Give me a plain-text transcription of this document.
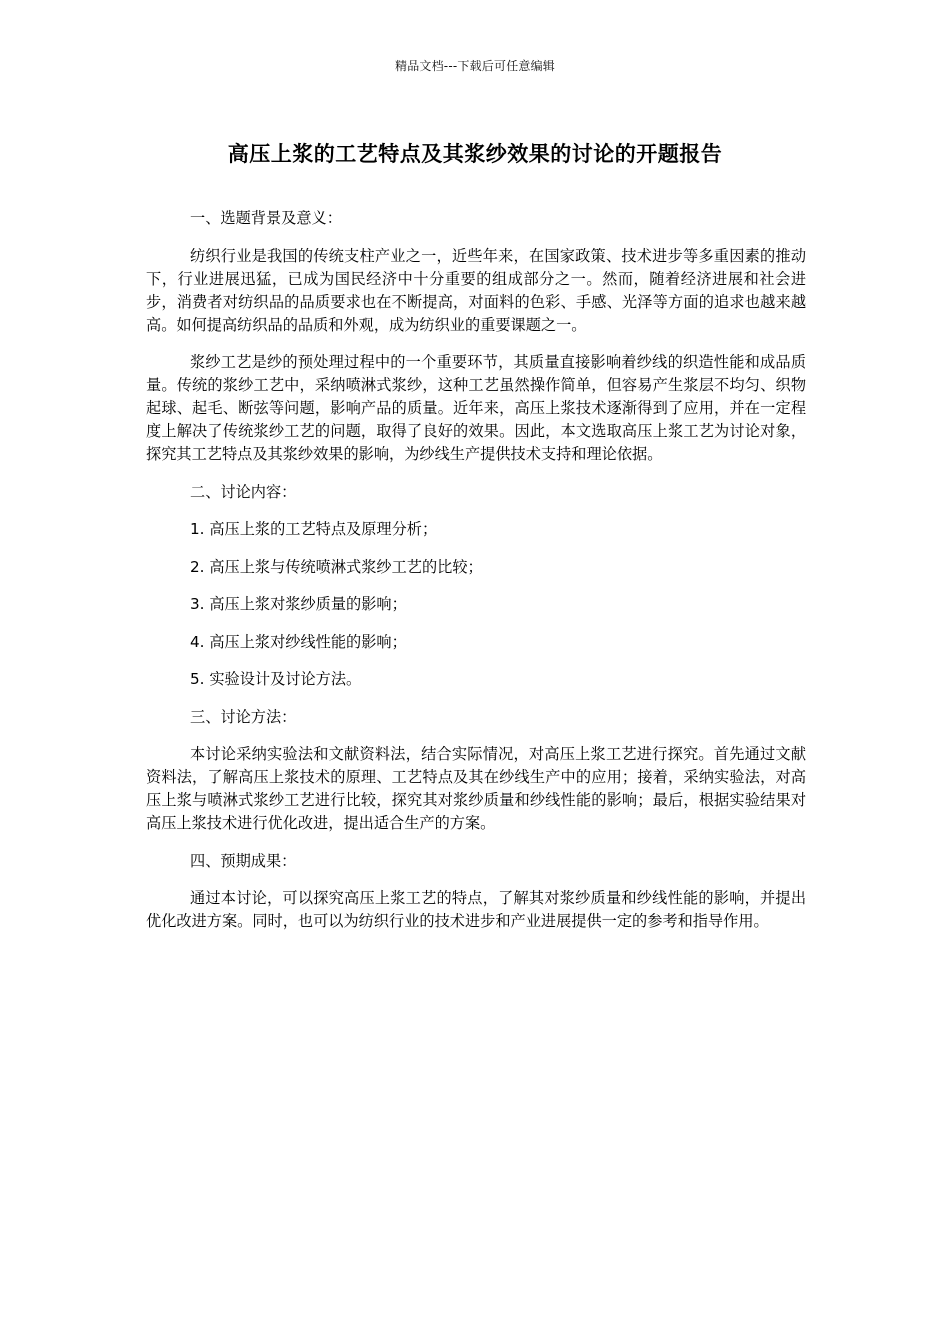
精品文档---下载后可任意编辑
高压上浆的工艺特点及其浆纱效果的讨论的开题报告

一、选题背景及意义：

纺织行业是我国的传统支柱产业之一，近些年来，在国家政策、技术进步等多重因素的推动下，行业进展迅猛，已成为国民经济中十分重要的组成部分之一。然而，随着经济进展和社会进步，消费者对纺织品的品质要求也在不断提高，对面料的色彩、手感、光泽等方面的追求也越来越高。如何提高纺织品的品质和外观，成为纺织业的重要课题之一。

浆纱工艺是纱的预处理过程中的一个重要环节，其质量直接影响着纱线的织造性能和成品质量。传统的浆纱工艺中，采纳喷淋式浆纱，这种工艺虽然操作简单，但容易产生浆层不均匀、织物起球、起毛、断弦等问题，影响产品的质量。近年来，高压上浆技术逐渐得到了应用，并在一定程度上解决了传统浆纱工艺的问题，取得了良好的效果。因此，本文选取高压上浆工艺为讨论对象，探究其工艺特点及其浆纱效果的影响，为纱线生产提供技术支持和理论依据。

二、讨论内容：

1. 高压上浆的工艺特点及原理分析；

2. 高压上浆与传统喷淋式浆纱工艺的比较；

3. 高压上浆对浆纱质量的影响；

4. 高压上浆对纱线性能的影响；

5. 实验设计及讨论方法。

三、讨论方法：

本讨论采纳实验法和文献资料法，结合实际情况，对高压上浆工艺进行探究。首先通过文献资料法，了解高压上浆技术的原理、工艺特点及其在纱线生产中的应用；接着，采纳实验法，对高压上浆与喷淋式浆纱工艺进行比较，探究其对浆纱质量和纱线性能的影响；最后，根据实验结果对高压上浆技术进行优化改进，提出适合生产的方案。

四、预期成果：

通过本讨论，可以探究高压上浆工艺的特点，了解其对浆纱质量和纱线性能的影响，并提出优化改进方案。同时，也可以为纺织行业的技术进步和产业进展提供一定的参考和指导作用。
